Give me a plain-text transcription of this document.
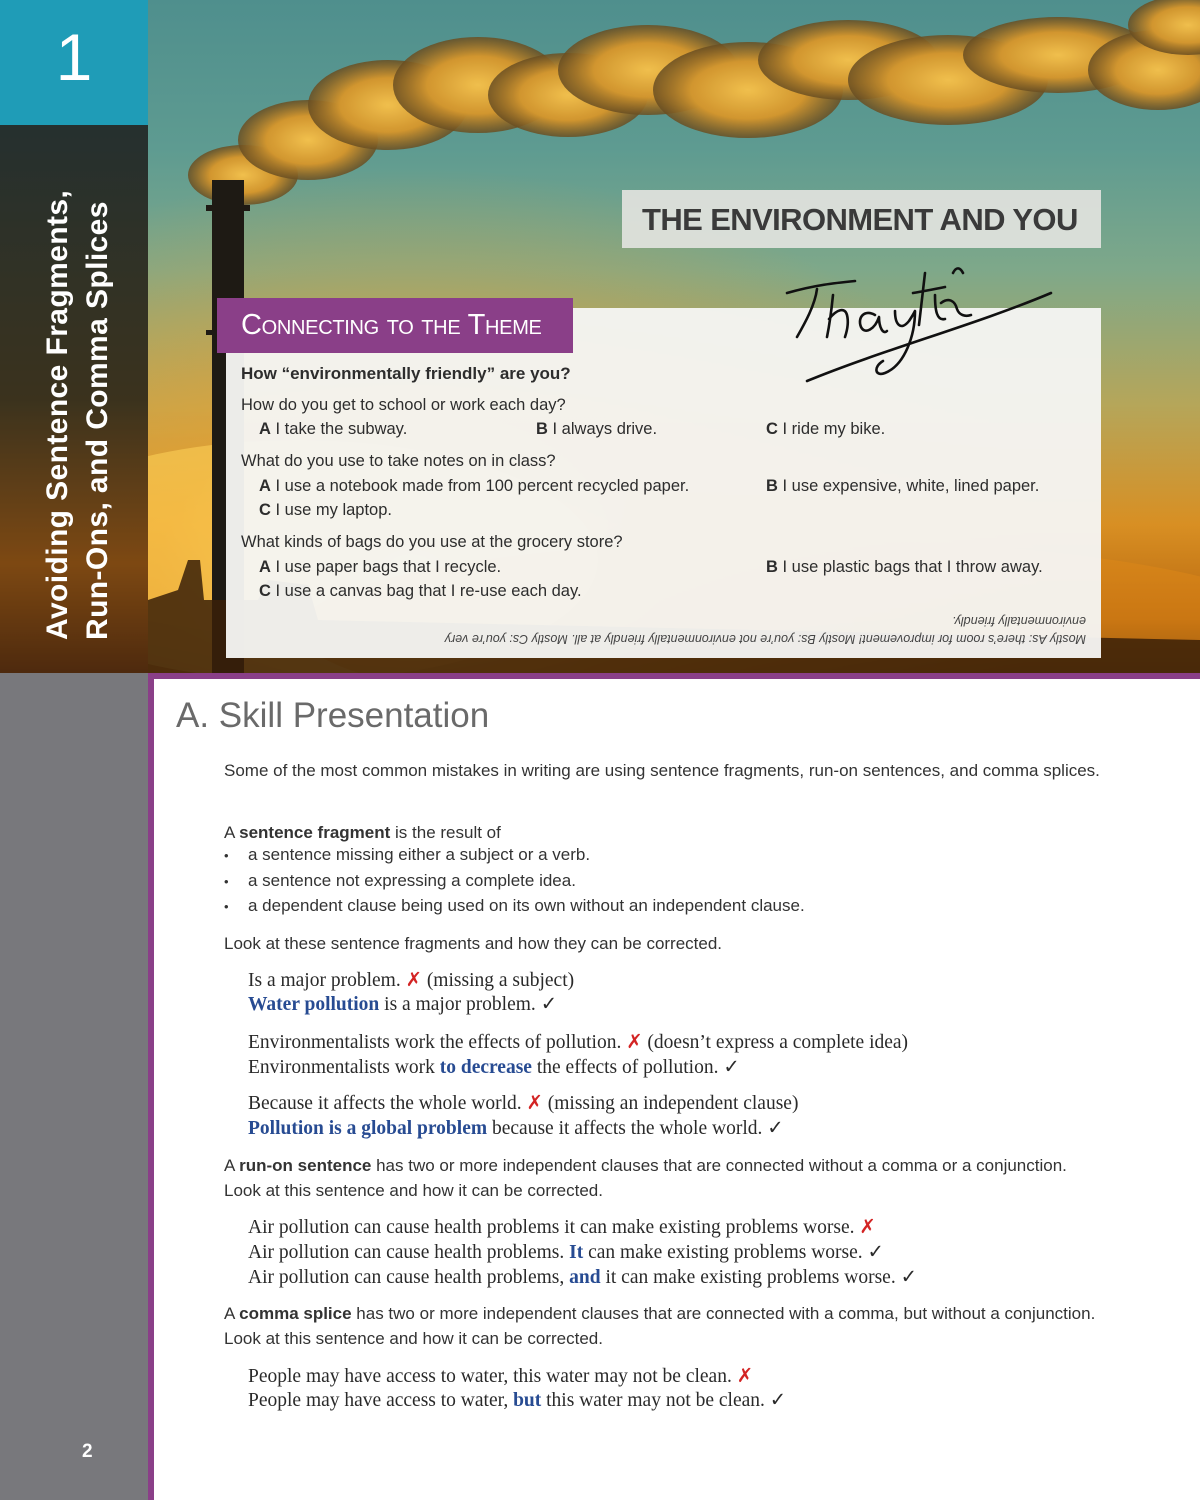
1
Avoiding Sentence Fragments, Run-Ons, and Comma Splices
2
THE ENVIRONMENT AND YOU
Connecting to the Theme
How “environmentally friendly” are you?
How do you get to school or work each day?
A I take the subway.	B I always drive.	C I ride my bike.
What do you use to take notes on in class?
A I use a notebook made from 100 percent recycled paper.	B I use expensive, white, lined paper.
C I use my laptop.
What kinds of bags do you use at the grocery store?
A I use paper bags that I recycle.	B I use plastic bags that I throw away.
C I use a canvas bag that I re-use each day.
Mostly As: there’s room for improvement! Mostly Bs: you’re not environmentally friendly at all. Mostly Cs: you’re very
environmentally friendly.
A. Skill Presentation
Some of the most common mistakes in writing are using sentence fragments, run-on sentences, and comma splices.
A sentence fragment is the result of
• a sentence missing either a subject or a verb.
• a sentence not expressing a complete idea.
• a dependent clause being used on its own without an independent clause.
Look at these sentence fragments and how they can be corrected.
Is a major problem. ✗ (missing a subject)
Water pollution is a major problem. ✓
Environmentalists work the effects of pollution. ✗ (doesn’t express a complete idea)
Environmentalists work to decrease the effects of pollution. ✓
Because it affects the whole world. ✗ (missing an independent clause)
Pollution is a global problem because it affects the whole world. ✓
A run-on sentence has two or more independent clauses that are connected without a comma or a conjunction. Look at this sentence and how it can be corrected.
Air pollution can cause health problems it can make existing problems worse. ✗
Air pollution can cause health problems. It can make existing problems worse. ✓
Air pollution can cause health problems, and it can make existing problems worse. ✓
A comma splice has two or more independent clauses that are connected with a comma, but without a conjunction. Look at this sentence and how it can be corrected.
People may have access to water, this water may not be clean. ✗
People may have access to water, but this water may not be clean. ✓
